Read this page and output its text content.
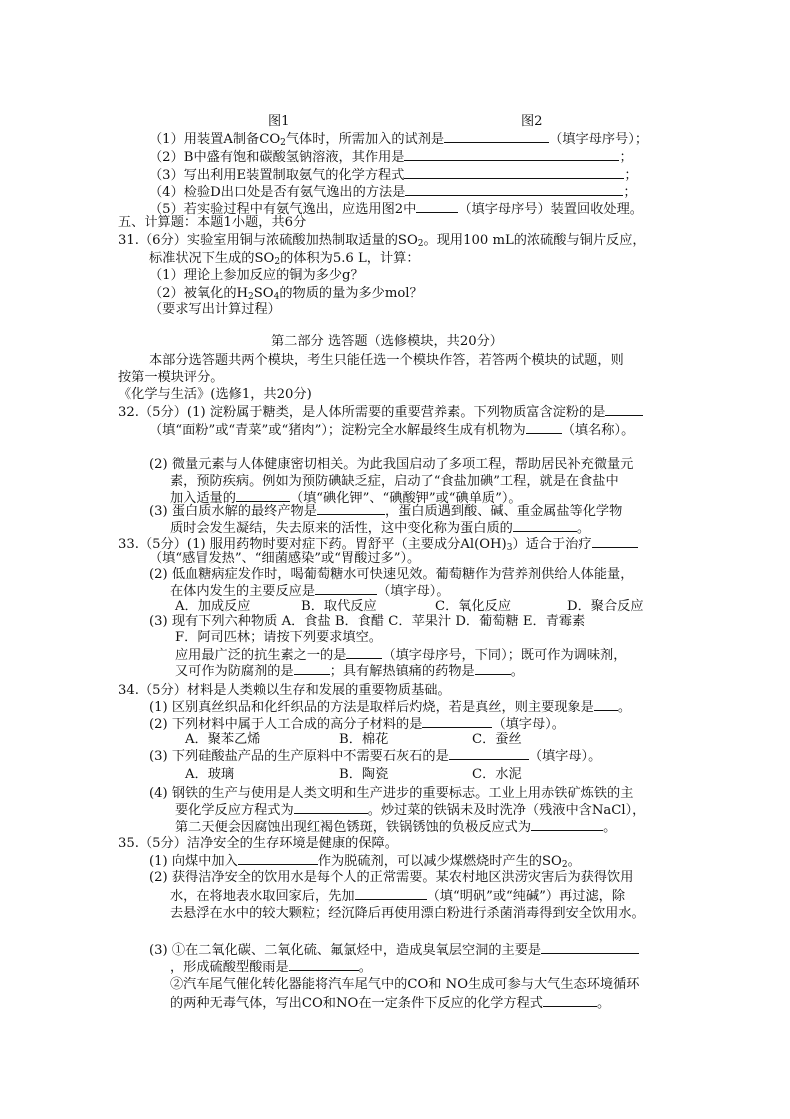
图1	图2
（1）用装置A制备$CO_2$气体时，所需加入的试剂是	（填字母序号）；
（2）B中盛有饱和碳酸氢钠溶液，其作用是	；
（3）写出利用E装置制取氨气的化学方程式	；
（4）检验D出口处是否有氨气逸出的方法是	；
（5）若实验过程中有氨气逸出，应选用图2中	（填字母序号）装置回收处理。
五、计算题：本题1小题，共6分
31.（6分）实验室用铜与浓硫酸加热制取适量的$SO_2$。现用100 mL的浓硫酸与铜片反应，
标准状况下生成的$SO_2$的体积为5.6 L，计算：
（1）理论上参加反应的铜为多少g？
（2）被氧化的$H_2SO_4$的物质的量为多少mol？
（要求写出计算过程）
第二部分 选答题（选修模块，共20分）
本部分选答题共两个模块，考生只能任选一个模块作答，若答两个模块的试题，则
按第一模块评分。
《化学与生活》(选修1，共20分)
32.（5分）(1) 淀粉属于糖类，是人体所需要的重要营养素。下列物质富含淀粉的是
（填“面粉”或“青菜”或“猪肉”）；淀粉完全水解最终生成有机物为	（填名称）。
(2) 微量元素与人体健康密切相关。为此我国启动了多项工程，帮助居民补充微量元
素，预防疾病。例如为预防碘缺乏症，启动了“食盐加碘”工程，就是在食盐中
加入适量的	（填“碘化钾”、“碘酸钾”或“碘单质”）。
(3) 蛋白质水解的最终产物是	，蛋白质遇到酸、碱、重金属盐等化学物
质时会发生凝结，失去原来的活性，这中变化称为蛋白质的	。
33.（5分）(1) 服用药物时要对症下药。胃舒平（主要成分$Al(OH)_3$）适合于治疗
（填“感冒发热”、“细菌感染”或“胃酸过多”）。
(2) 低血糖病症发作时，喝葡萄糖水可快速见效。葡萄糖作为营养剂供给人体能量，
在体内发生的主要反应是	（填字母）。
A．加成反应	B．取代反应	C．氧化反应	D．聚合反应
(3) 现有下列六种物质 A．食盐 B．食醋 C．苹果汁 D．葡萄糖 E．青霉素
F．阿司匹林；请按下列要求填空。
应用最广泛的抗生素之一的是	（填字母序号，下同）；既可作为调味剂，
又可作为防腐剂的是	；具有解热镇痛的药物是	。
34.（5分）材料是人类赖以生存和发展的重要物质基础。
(1) 区别真丝织品和化纤织品的方法是取样后灼烧，若是真丝，则主要现象是 。
(2) 下列材料中属于人工合成的高分子材料的是	（填字母）。
A．聚苯乙烯	B．棉花	C．蚕丝
(3) 下列硅酸盐产品的生产原料中不需要石灰石的是	（填字母）。
A．玻璃	B．陶瓷	C．水泥
(4) 钢铁的生产与使用是人类文明和生产进步的重要标志。工业上用赤铁矿炼铁的主
要化学反应方程式为	。炒过菜的铁锅未及时洗净（残液中含NaCl），
第二天便会因腐蚀出现红褐色锈斑，铁锅锈蚀的负极反应式为	。
35.（5分）洁净安全的生存环境是健康的保障。
(1) 向煤中加入	作为脱硫剂，可以减少煤燃烧时产生的$SO_2$。
(2) 获得洁净安全的饮用水是每个人的正常需要。某农村地区洪涝灾害后为获得饮用
水，在将地表水取回家后，先加	（填“明矾”或“纯碱”）再过滤，除
去悬浮在水中的较大颗粒；经沉降后再使用漂白粉进行杀菌消毒得到安全饮用水。
(3) ①在二氧化碳、二氧化硫、氟氯烃中，造成臭氧层空洞的主要是
，形成硫酸型酸雨是	。
②汽车尾气催化转化器能将汽车尾气中的CO和 NO生成可参与大气生态环境循环
的两种无毒气体，写出CO和NO在一定条件下反应的化学方程式	。
